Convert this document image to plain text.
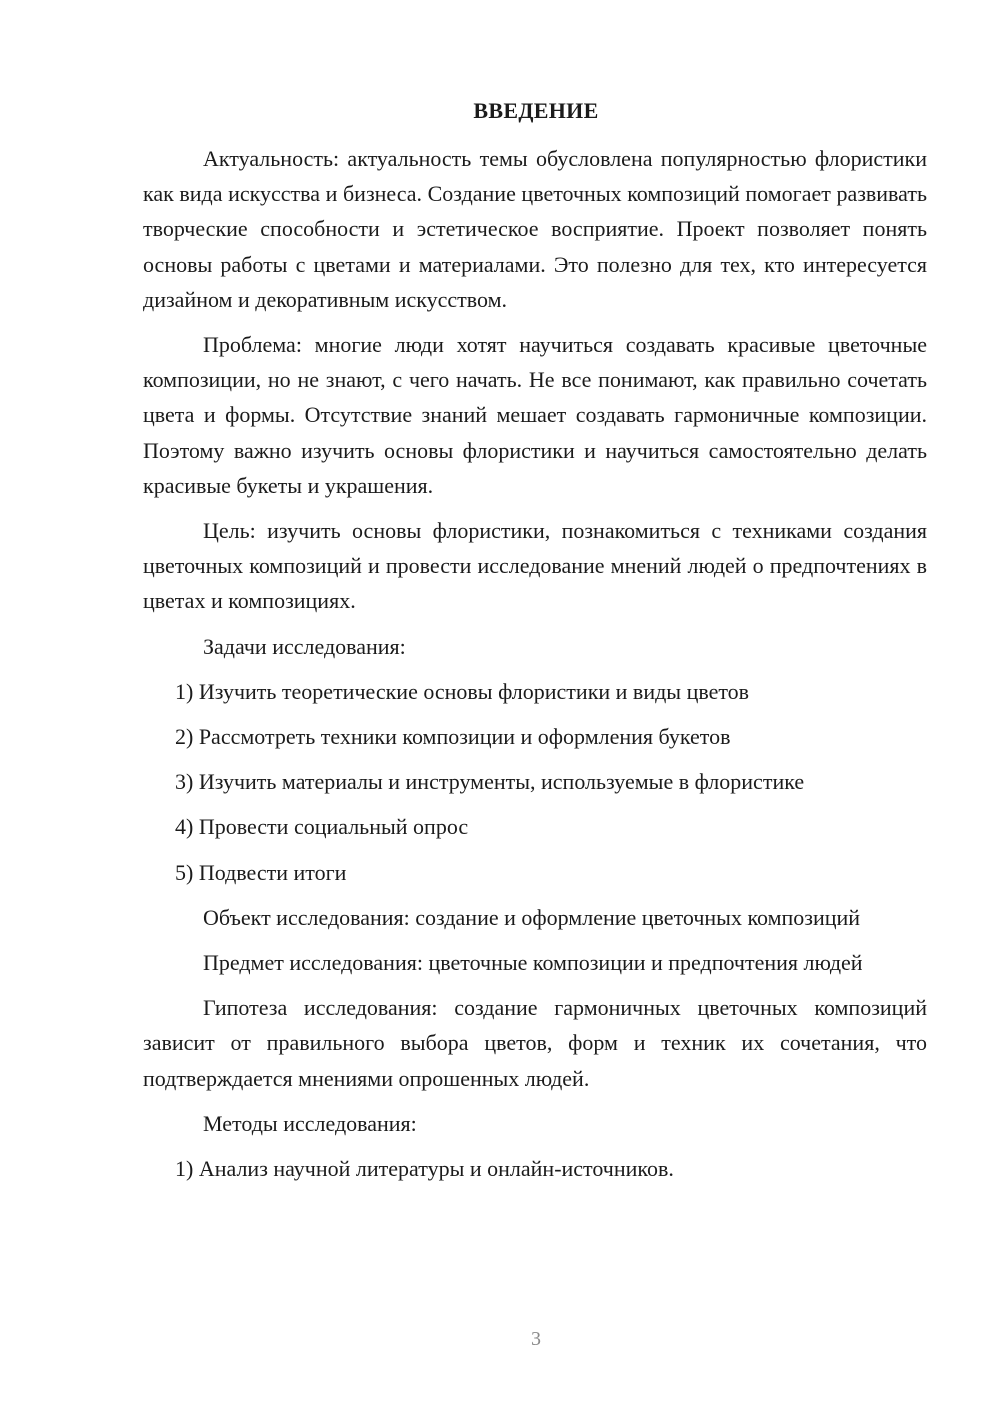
ВВЕДЕНИЕ

Актуальность: актуальность темы обусловлена популярностью флористики как вида искусства и бизнеса. Создание цветочных композиций помогает развивать творческие способности и эстетическое восприятие. Проект позволяет понять основы работы с цветами и материалами. Это полезно для тех, кто интересуется дизайном и декоративным искусством.

Проблема: многие люди хотят научиться создавать красивые цветочные композиции, но не знают, с чего начать. Не все понимают, как правильно сочетать цвета и формы. Отсутствие знаний мешает создавать гармоничные композиции. Поэтому важно изучить основы флористики и научиться самостоятельно делать красивые букеты и украшения.

Цель: изучить основы флористики, познакомиться с техниками создания цветочных композиций и провести исследование мнений людей о предпочтениях в цветах и композициях.

Задачи исследования:

1) Изучить теоретические основы флористики и виды цветов

2) Рассмотреть техники композиции и оформления букетов

3) Изучить материалы и инструменты, используемые в флористике

4) Провести социальный опрос

5) Подвести итоги

Объект исследования: создание и оформление цветочных композиций

Предмет исследования: цветочные композиции и предпочтения людей

Гипотеза исследования: создание гармоничных цветочных композиций зависит от правильного выбора цветов, форм и техник их сочетания, что подтверждается мнениями опрошенных людей.

Методы исследования:

1) Анализ научной литературы и онлайн-источников.

3
